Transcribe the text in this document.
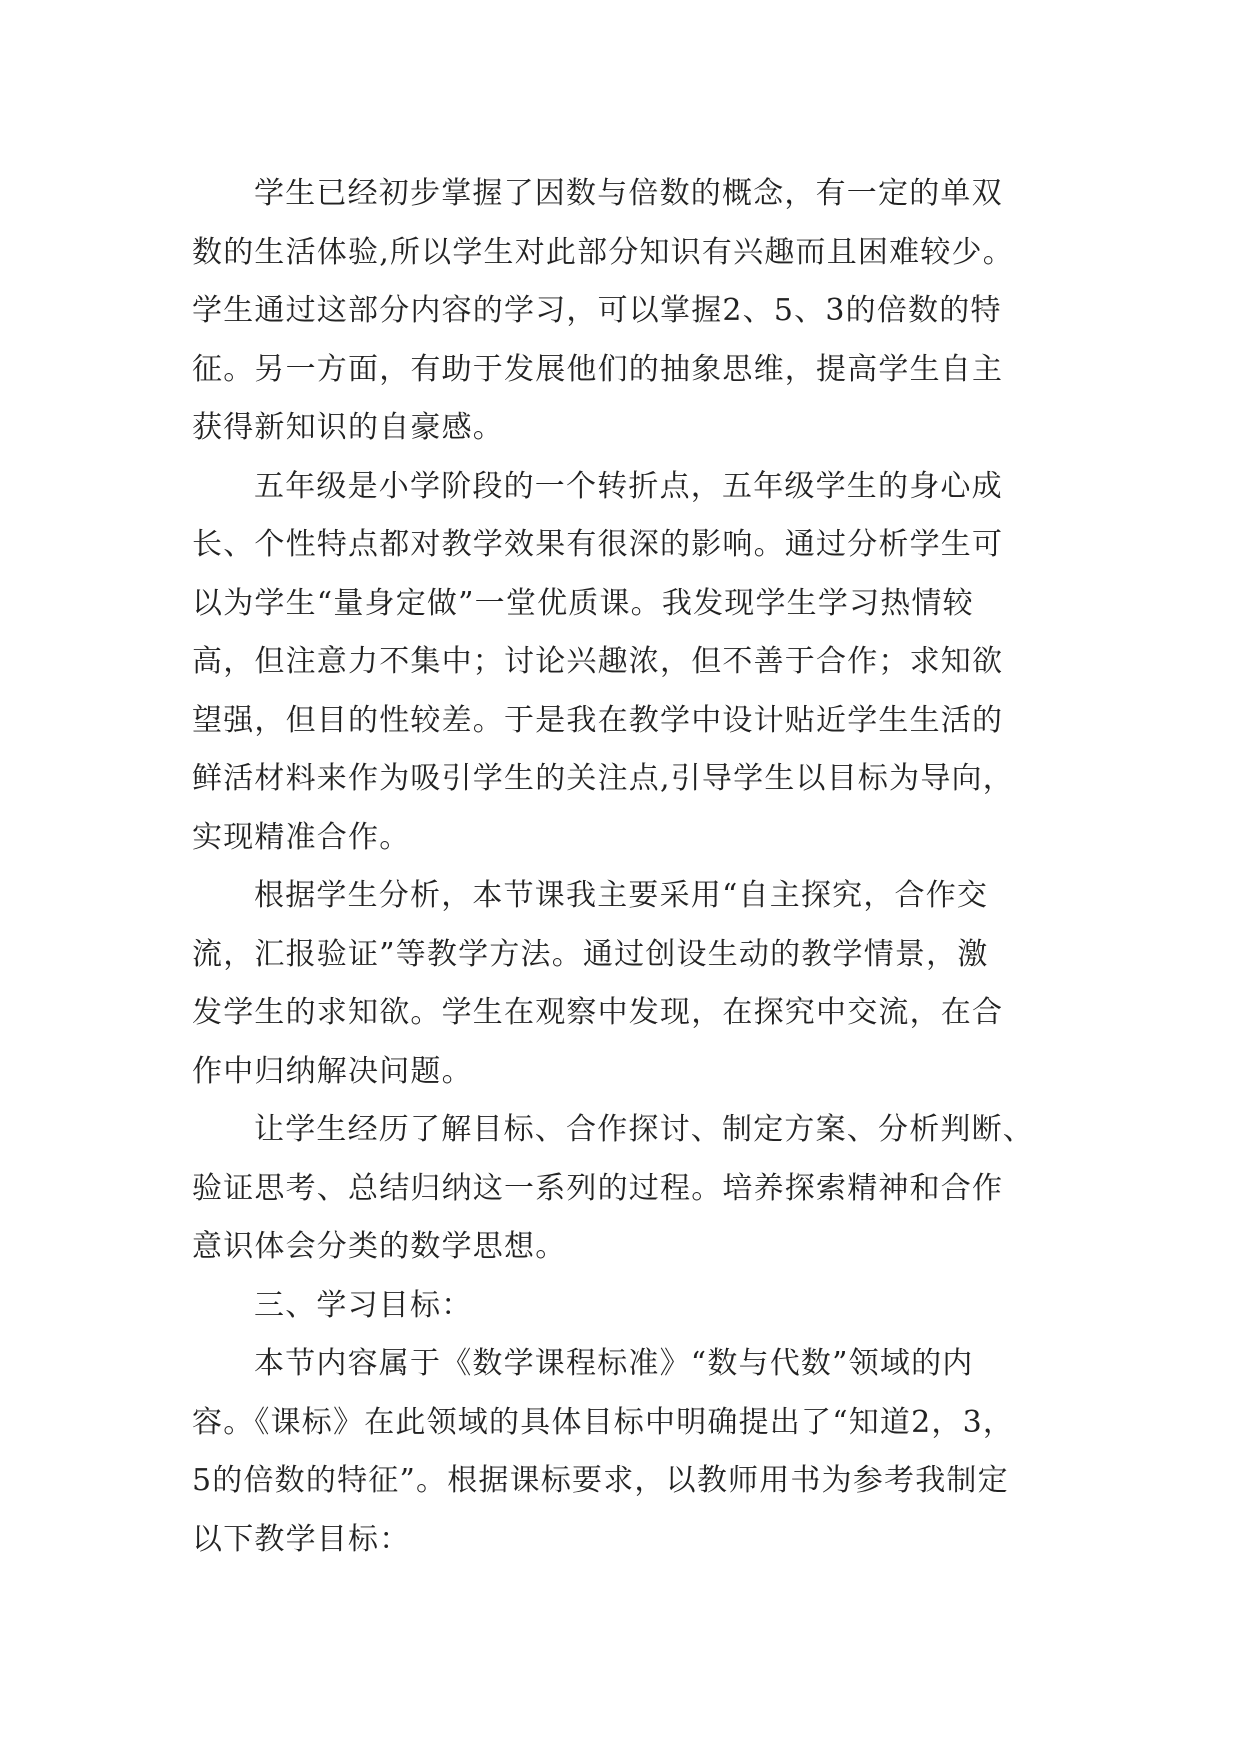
学生已经初步掌握了因数与倍数的概念，有一定的单双
数的生活体验,所以学生对此部分知识有兴趣而且困难较少。
学生通过这部分内容的学习，可以掌握2、5、3的倍数的特
征。另一方面，有助于发展他们的抽象思维，提高学生自主
获得新知识的自豪感。
五年级是小学阶段的一个转折点，五年级学生的身心成
长、个性特点都对教学效果有很深的影响。通过分析学生可
以为学生“量身定做”一堂优质课。我发现学生学习热情较
高，但注意力不集中；讨论兴趣浓，但不善于合作；求知欲
望强，但目的性较差。于是我在教学中设计贴近学生生活的
鲜活材料来作为吸引学生的关注点,引导学生以目标为导向，
实现精准合作。
根据学生分析，本节课我主要采用“自主探究，合作交
流，汇报验证”等教学方法。通过创设生动的教学情景，激
发学生的求知欲。学生在观察中发现，在探究中交流，在合
作中归纳解决问题。
让学生经历了解目标、合作探讨、制定方案、分析判断、
验证思考、总结归纳这一系列的过程。培养探索精神和合作
意识体会分类的数学思想。
三、学习目标：
本节内容属于《数学课程标准》“数与代数”领域的内
容。《课标》在此领域的具体目标中明确提出了“知道2，3，
5的倍数的特征”。根据课标要求，以教师用书为参考我制定
以下教学目标：
